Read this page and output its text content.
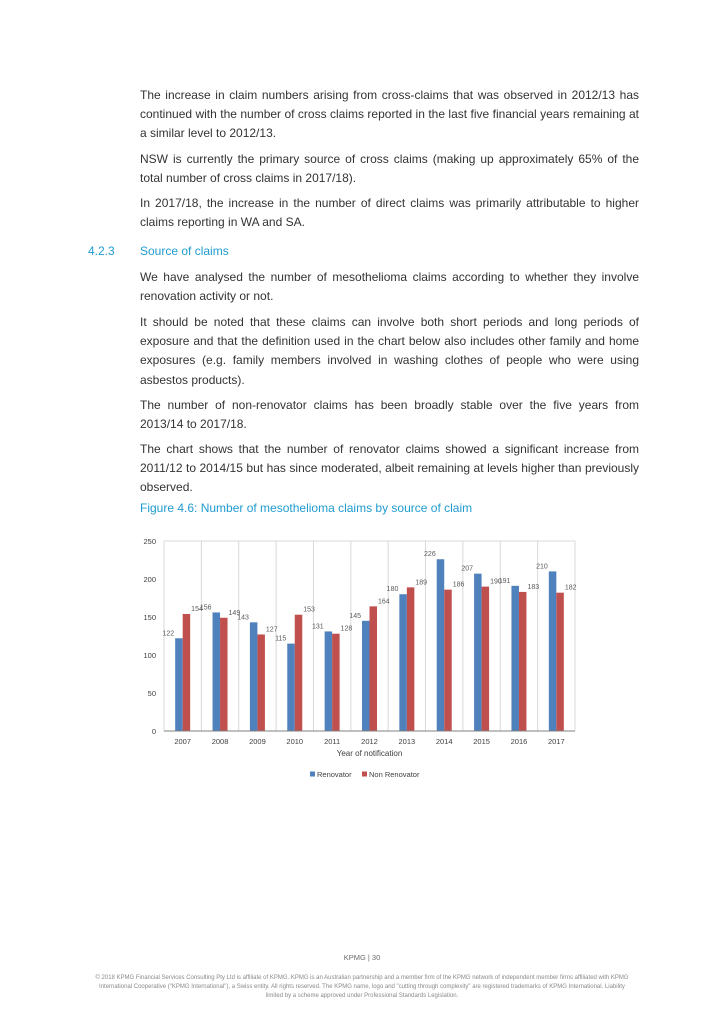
The increase in claim numbers arising from cross-claims that was observed in 2012/13 has continued with the number of cross claims reported in the last five financial years remaining at a similar level to 2012/13.

NSW is currently the primary source of cross claims (making up approximately 65% of the total number of cross claims in 2017/18).

In 2017/18, the increase in the number of direct claims was primarily attributable to higher claims reporting in WA and SA.

4.2.3 Source of claims

We have analysed the number of mesothelioma claims according to whether they involve renovation activity or not.

It should be noted that these claims can involve both short periods and long periods of exposure and that the definition used in the chart below also includes other family and home exposures (e.g. family members involved in washing clothes of people who were using asbestos products).

The number of non-renovator claims has been broadly stable over the five years from 2013/14 to 2017/18.

The chart shows that the number of renovator claims showed a significant increase from 2011/12 to 2014/15 but has since moderated, albeit remaining at levels higher than previously observed.

Figure 4.6: Number of mesothelioma claims by source of claim
0
50
100
150
200
250
122
154
156
149
143
127
115
153
131 128
145
164
180
189
226
186
207
190
191
183
210
182
2007	2008	2009	2010	2011	2012	2013	2014	2015	2016	2017
Year of notification
Renovator Non Renovator
KPMG | 30
© 2018 KPMG Financial Services Consulting Pty Ltd is affiliate of KPMG. KPMG is an Australian partnership and a member firm of the KPMG network of independent member firms affiliated with KPMG International Cooperative ("KPMG International"), a Swiss entity. All rights reserved. The KPMG name, logo and "cutting through complexity" are registered trademarks of KPMG International. Liability limited by a scheme approved under Professional Standards Legislation.
